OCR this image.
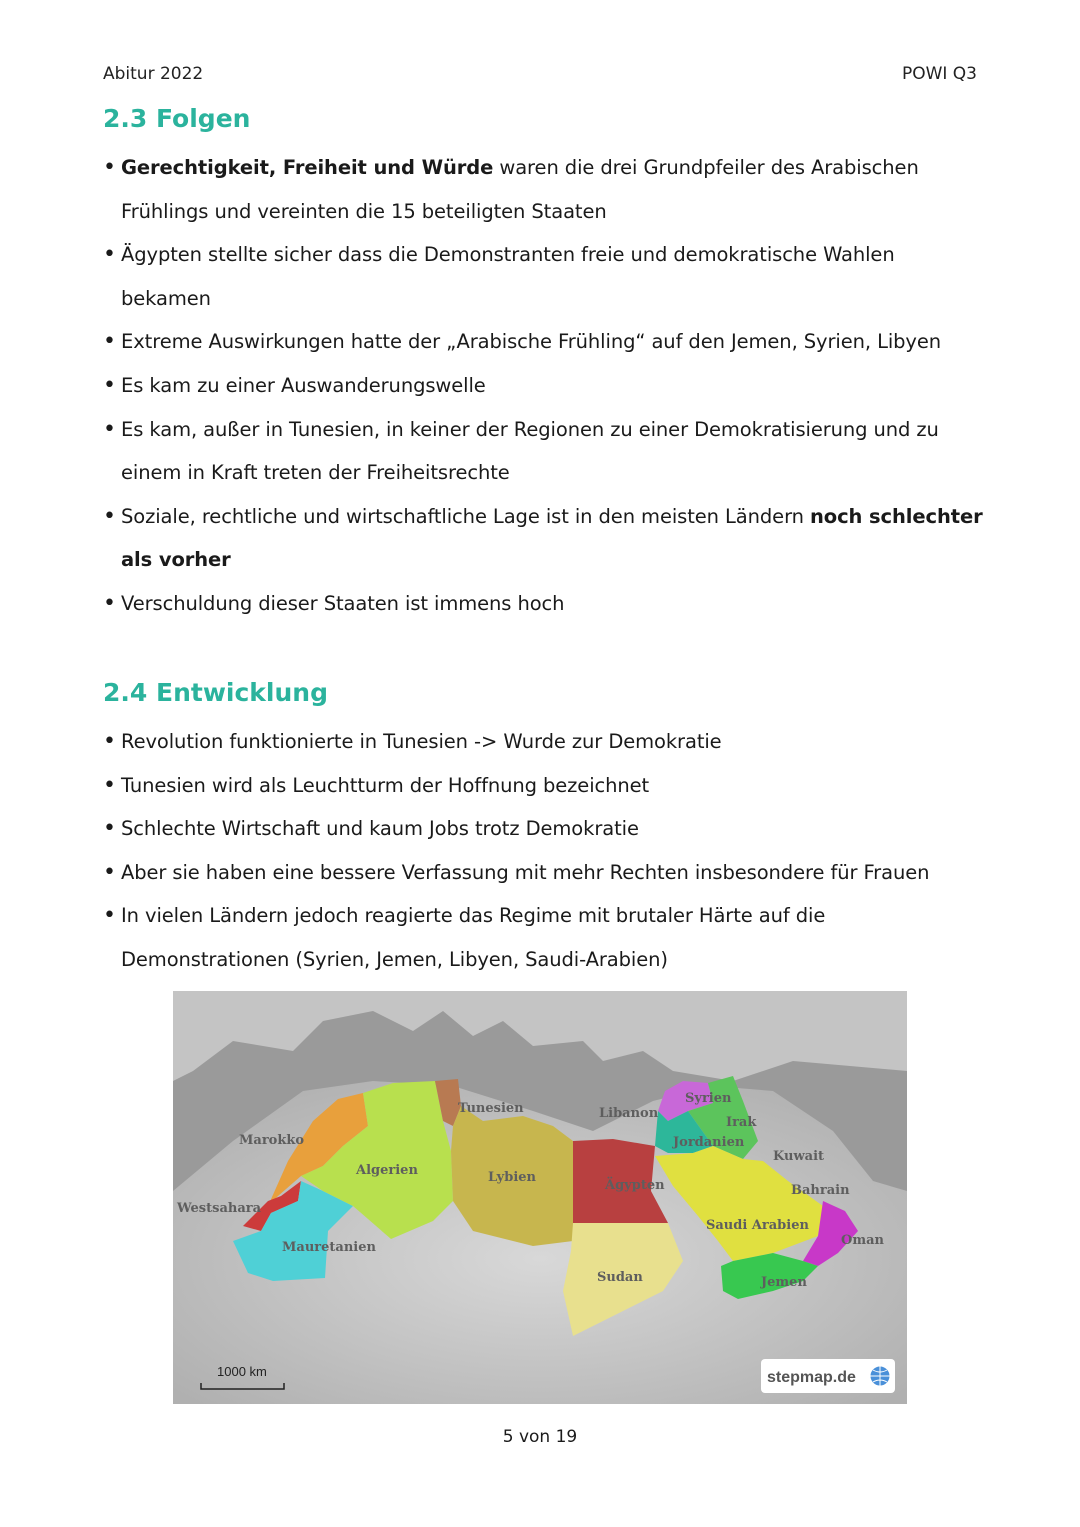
Abitur 2022	POWI Q3
2.3 Folgen
• Gerechtigkeit, Freiheit und Würde waren die drei Grundpfeiler des Arabischen Frühlings und vereinten die 15 beteiligten Staaten
• Ägypten stellte sicher dass die Demonstranten freie und demokratische Wahlen bekamen
• Extreme Auswirkungen hatte der „Arabische Frühling“ auf den Jemen, Syrien, Libyen
• Es kam zu einer Auswanderungswelle
• Es kam, außer in Tunesien, in keiner der Regionen zu einer Demokratisierung und zu einem in Kraft treten der Freiheitsrechte
• Soziale, rechtliche und wirtschaftliche Lage ist in den meisten Ländern noch schlechter als vorher
• Verschuldung dieser Staaten ist immens hoch
2.4 Entwicklung
• Revolution funktionierte in Tunesien -> Wurde zur Demokratie
• Tunesien wird als Leuchtturm der Hoffnung bezeichnet
• Schlechte Wirtschaft und kaum Jobs trotz Demokratie
• Aber sie haben eine bessere Verfassung mit mehr Rechten insbesondere für Frauen
• In vielen Ländern jedoch reagierte das Regime mit brutaler Härte auf die Demonstrationen (Syrien, Jemen, Libyen, Saudi-Arabien)
Marokko
Westsahara
Mauretanien
Algerien
Tunesien
Lybien
Ägypten
Sudan
Libanon
Syrien
Irak
Jordanien
Kuwait
Bahrain
Saudi Arabien
Oman
Jemen
1000 km	stepmap.de
5 von 19
